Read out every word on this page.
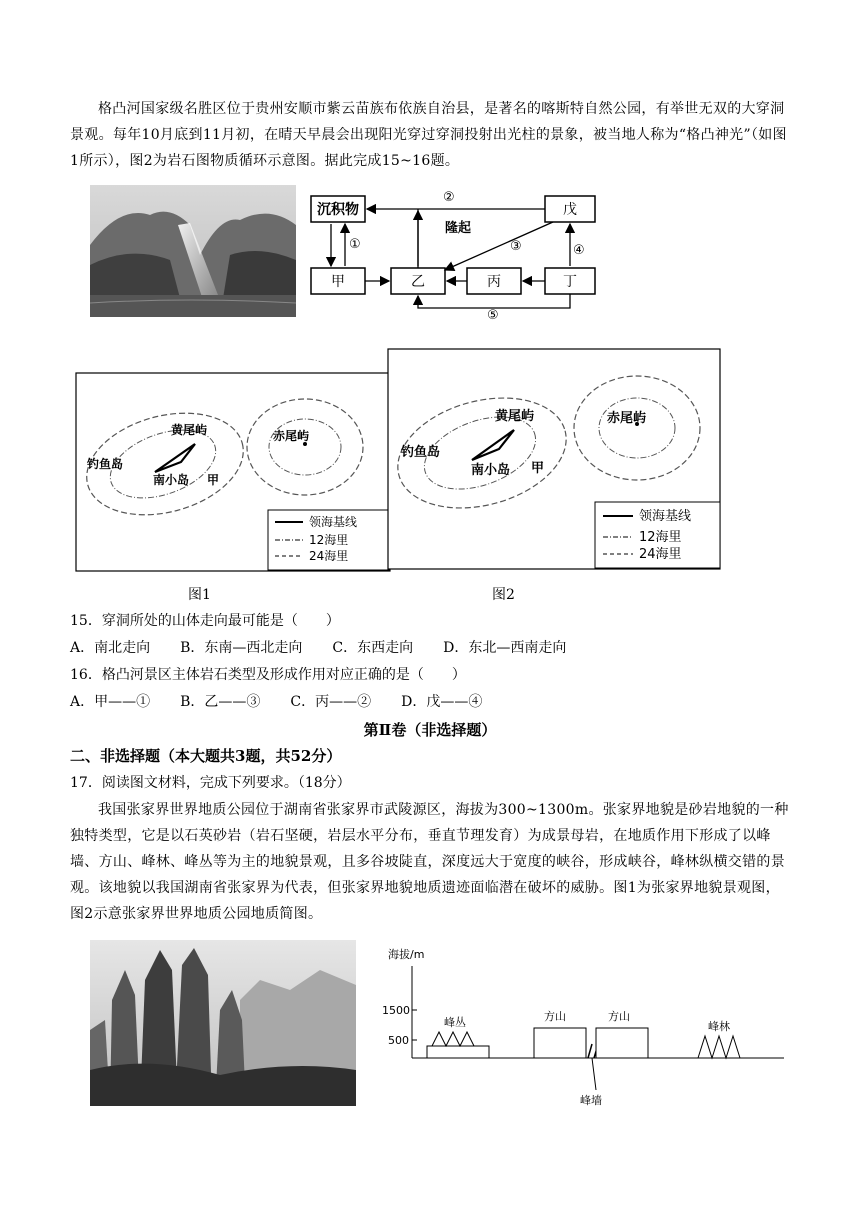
格凸河国家级名胜区位于贵州安顺市紫云苗族布依族自治县，是著名的喀斯特自然公园，有举世无双的大穿洞景观。每年10月底到11月初，在晴天早晨会出现阳光穿过穿洞投射出光柱的景象，被当地人称为“格凸神光”（如图1所示），图2为岩石图物质循环示意图。据此完成15~16题。

沉积物	戊
甲	乙	丙	丁
②
隆起
①	③	④
⑤
黄尾屿	赤尾屿
钓鱼岛
南小岛 甲
领海基线
12海里
24海里
黄尾屿	赤尾屿
钓鱼岛
南小岛 甲
领海基线
12海里
24海里

图1	图2

15．穿洞所处的山体走向最可能是（　　）

A．南北走向 B．东南—西北走向 C．东西走向 D．东北—西南走向

16．格凸河景区主体岩石类型及形成作用对应正确的是（　　）

A．甲——① B．乙——③ C．丙——② D．戊——④

第Ⅱ卷（非选择题）

二、非选择题（本大题共3题，共52分）

17．阅读图文材料，完成下列要求。（18分）

我国张家界世界地质公园位于湖南省张家界市武陵源区，海拔为300~1300m。张家界地貌是砂岩地貌的一种独特类型，它是以石英砂岩（岩石坚硬，岩层水平分布，垂直节理发育）为成景母岩，在地质作用下形成了以峰墙、方山、峰林、峰丛等为主的地貌景观，且多谷坡陡直，深度远大于宽度的峡谷，形成峡谷，峰林纵横交错的景观。该地貌以我国湖南省张家界为代表，但张家界地貌地质遗迹面临潜在破坏的威胁。图1为张家界地貌景观图，图2示意张家界世界地质公园地质简图。

海拔/m
1500
500
峰丛	方山
峰墙
方山
峰林
